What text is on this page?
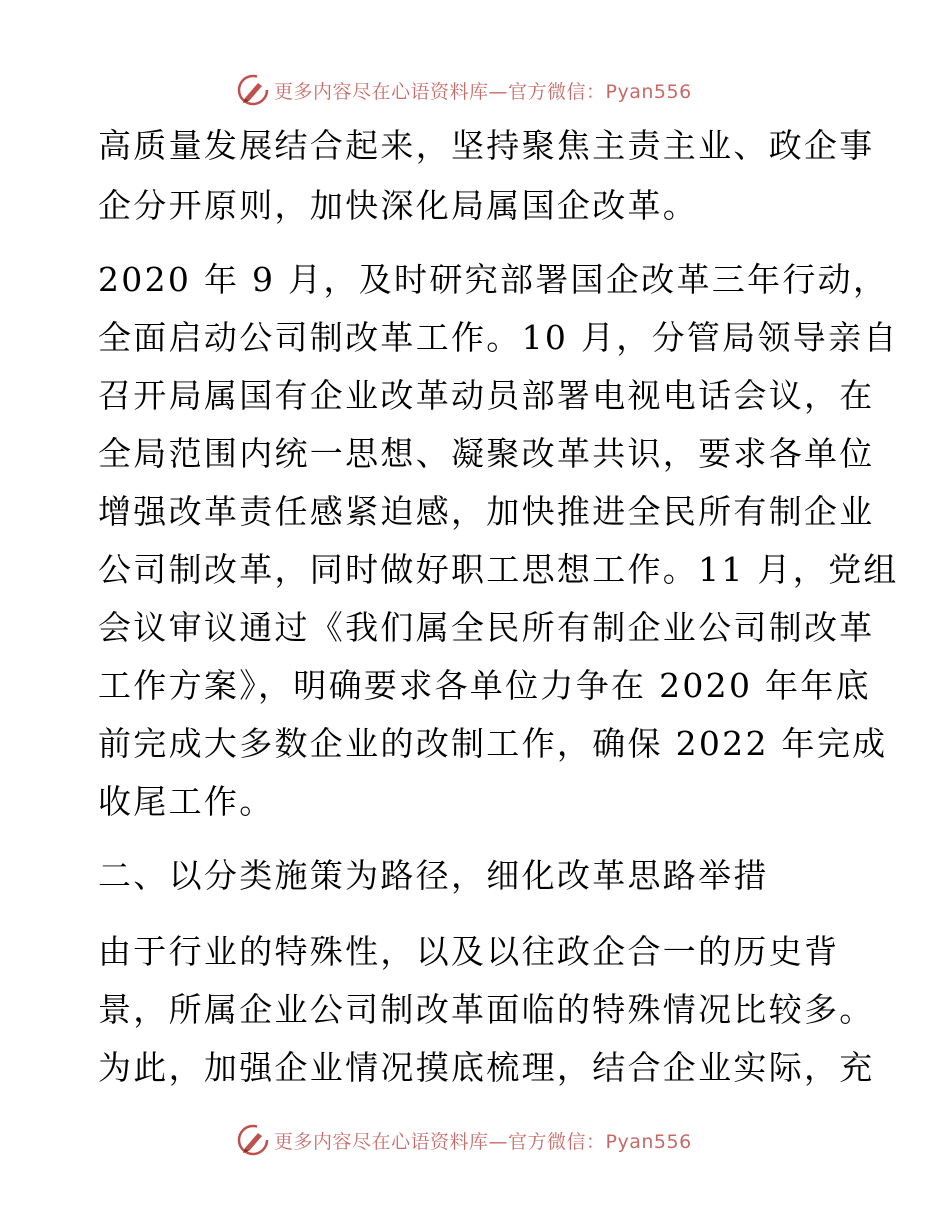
更多内容尽在心语资料库—官方微信：Pyan556
高质量发展结合起来，坚持聚焦主责主业、政企事
企分开原则，加快深化局属国企改革。
2020 年 9 月，及时研究部署国企改革三年行动，
全面启动公司制改革工作。10 月，分管局领导亲自
召开局属国有企业改革动员部署电视电话会议，在
全局范围内统一思想、凝聚改革共识，要求各单位
增强改革责任感紧迫感，加快推进全民所有制企业
公司制改革，同时做好职工思想工作。11 月，党组
会议审议通过《我们属全民所有制企业公司制改革
工作方案》，明确要求各单位力争在 2020 年年底
前完成大多数企业的改制工作，确保 2022 年完成
收尾工作。
二、以分类施策为路径，细化改革思路举措
由于行业的特殊性，以及以往政企合一的历史背
景，所属企业公司制改革面临的特殊情况比较多。
为此，加强企业情况摸底梳理，结合企业实际，充
更多内容尽在心语资料库—官方微信：Pyan556
